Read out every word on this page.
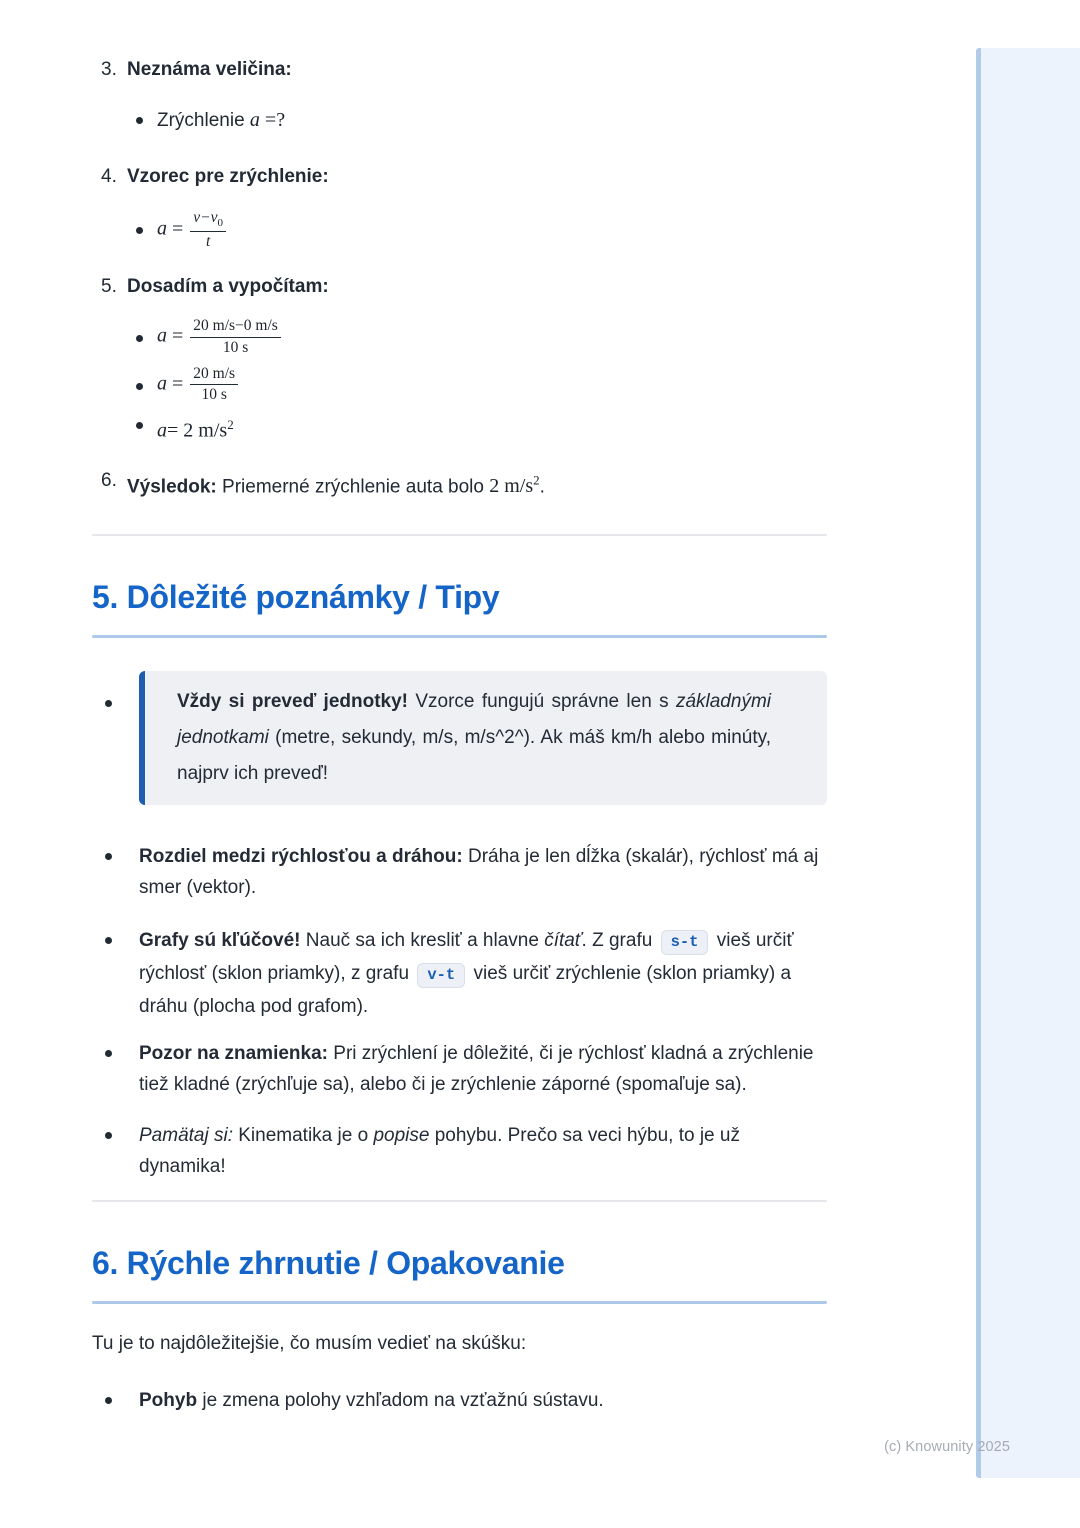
(c) Knowunity 2025
3. Neznáma veličina:
Zrýchlenie a =?
4. Vzorec pre zrýchlenie:
$a = \frac{v-v_0}{t}$
5. Dosadím a vypočítam:
$a = \frac{20 m/s-0 m/s}{10 s}$
$a = \frac{20 m/s}{10 s}$
a= 2 $m/s^2$
6. Výsledok: Priemerné zrýchlenie auta bolo 2 $m/s^2$.
5. Dôležité poznámky / Tipy
Vždy si preveď jednotky! Vzorce fungujú správne len s základnými jednotkami (metre, sekundy, m/s, m/s^2^). Ak máš km/h alebo minúty, najprv ich preveď!
Rozdiel medzi rýchlosťou a dráhou: Dráha je len dĺžka (skalár), rýchlosť má aj smer (vektor).
Grafy sú kľúčové! Nauč sa ich kresliť a hlavne čítať. Z grafu s-t vieš určiť rýchlosť (sklon priamky), z grafu v-t vieš určiť zrýchlenie (sklon priamky) a dráhu (plocha pod grafom).
Pozor na znamienka: Pri zrýchlení je dôležité, či je rýchlosť kladná a zrýchlenie tiež kladné (zrýchľuje sa), alebo či je zrýchlenie záporné (spomaľuje sa).
Pamätaj si: Kinematika je o popise pohybu. Prečo sa veci hýbu, to je už dynamika!
6. Rýchle zhrnutie / Opakovanie
Tu je to najdôležitejšie, čo musím vedieť na skúšku:
Pohyb je zmena polohy vzhľadom na vzťažnú sústavu.
